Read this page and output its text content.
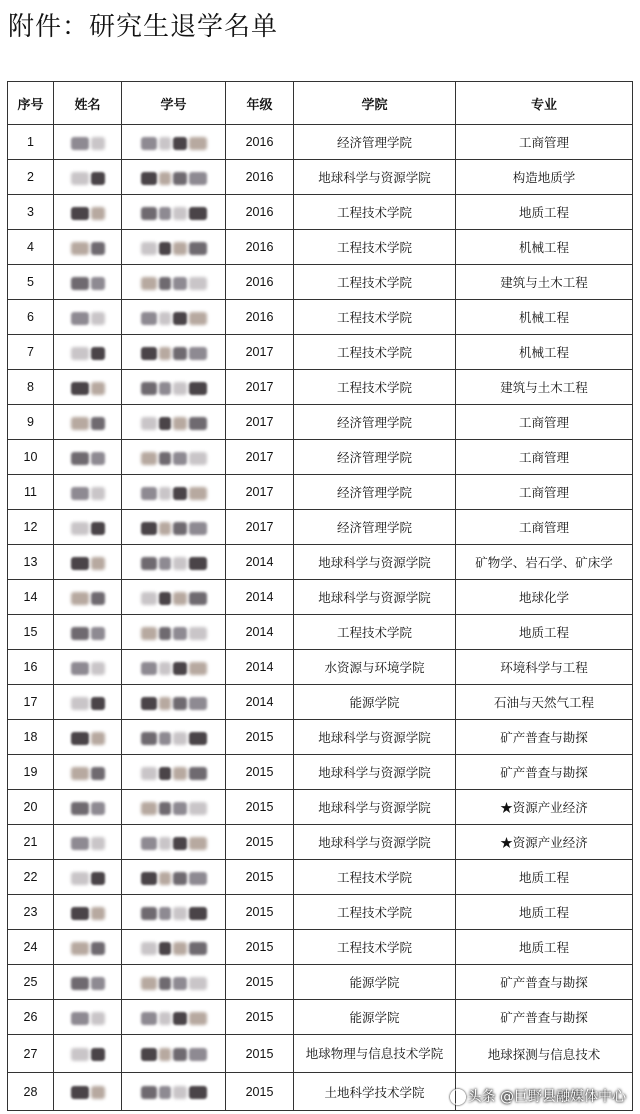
附件：研究生退学名单
序号	姓名	学号	年级	学院	专业
1			2016	经济管理学院	工商管理
2			2016	地球科学与资源学院	构造地质学
3			2016	工程技术学院	地质工程
4			2016	工程技术学院	机械工程
5			2016	工程技术学院	建筑与土木工程
6			2016	工程技术学院	机械工程
7			2017	工程技术学院	机械工程
8			2017	工程技术学院	建筑与土木工程
9			2017	经济管理学院	工商管理
10			2017	经济管理学院	工商管理
11			2017	经济管理学院	工商管理
12			2017	经济管理学院	工商管理
13			2014	地球科学与资源学院	矿物学、岩石学、矿床学
14			2014	地球科学与资源学院	地球化学
15			2014	工程技术学院	地质工程
16			2014	水资源与环境学院	环境科学与工程
17			2014	能源学院	石油与天然气工程
18			2015	地球科学与资源学院	矿产普查与勘探
19			2015	地球科学与资源学院	矿产普查与勘探
20			2015	地球科学与资源学院	★资源产业经济
21			2015	地球科学与资源学院	★资源产业经济
22			2015	工程技术学院	地质工程
23			2015	工程技术学院	地质工程
24			2015	工程技术学院	地质工程
25			2015	能源学院	矿产普查与勘探
26			2015	能源学院	矿产普查与勘探
27			2015	地球物理与信息技术学院	地球探测与信息技术
28			2015	土地科学技术学院		头条 @巨野县融媒体中心
